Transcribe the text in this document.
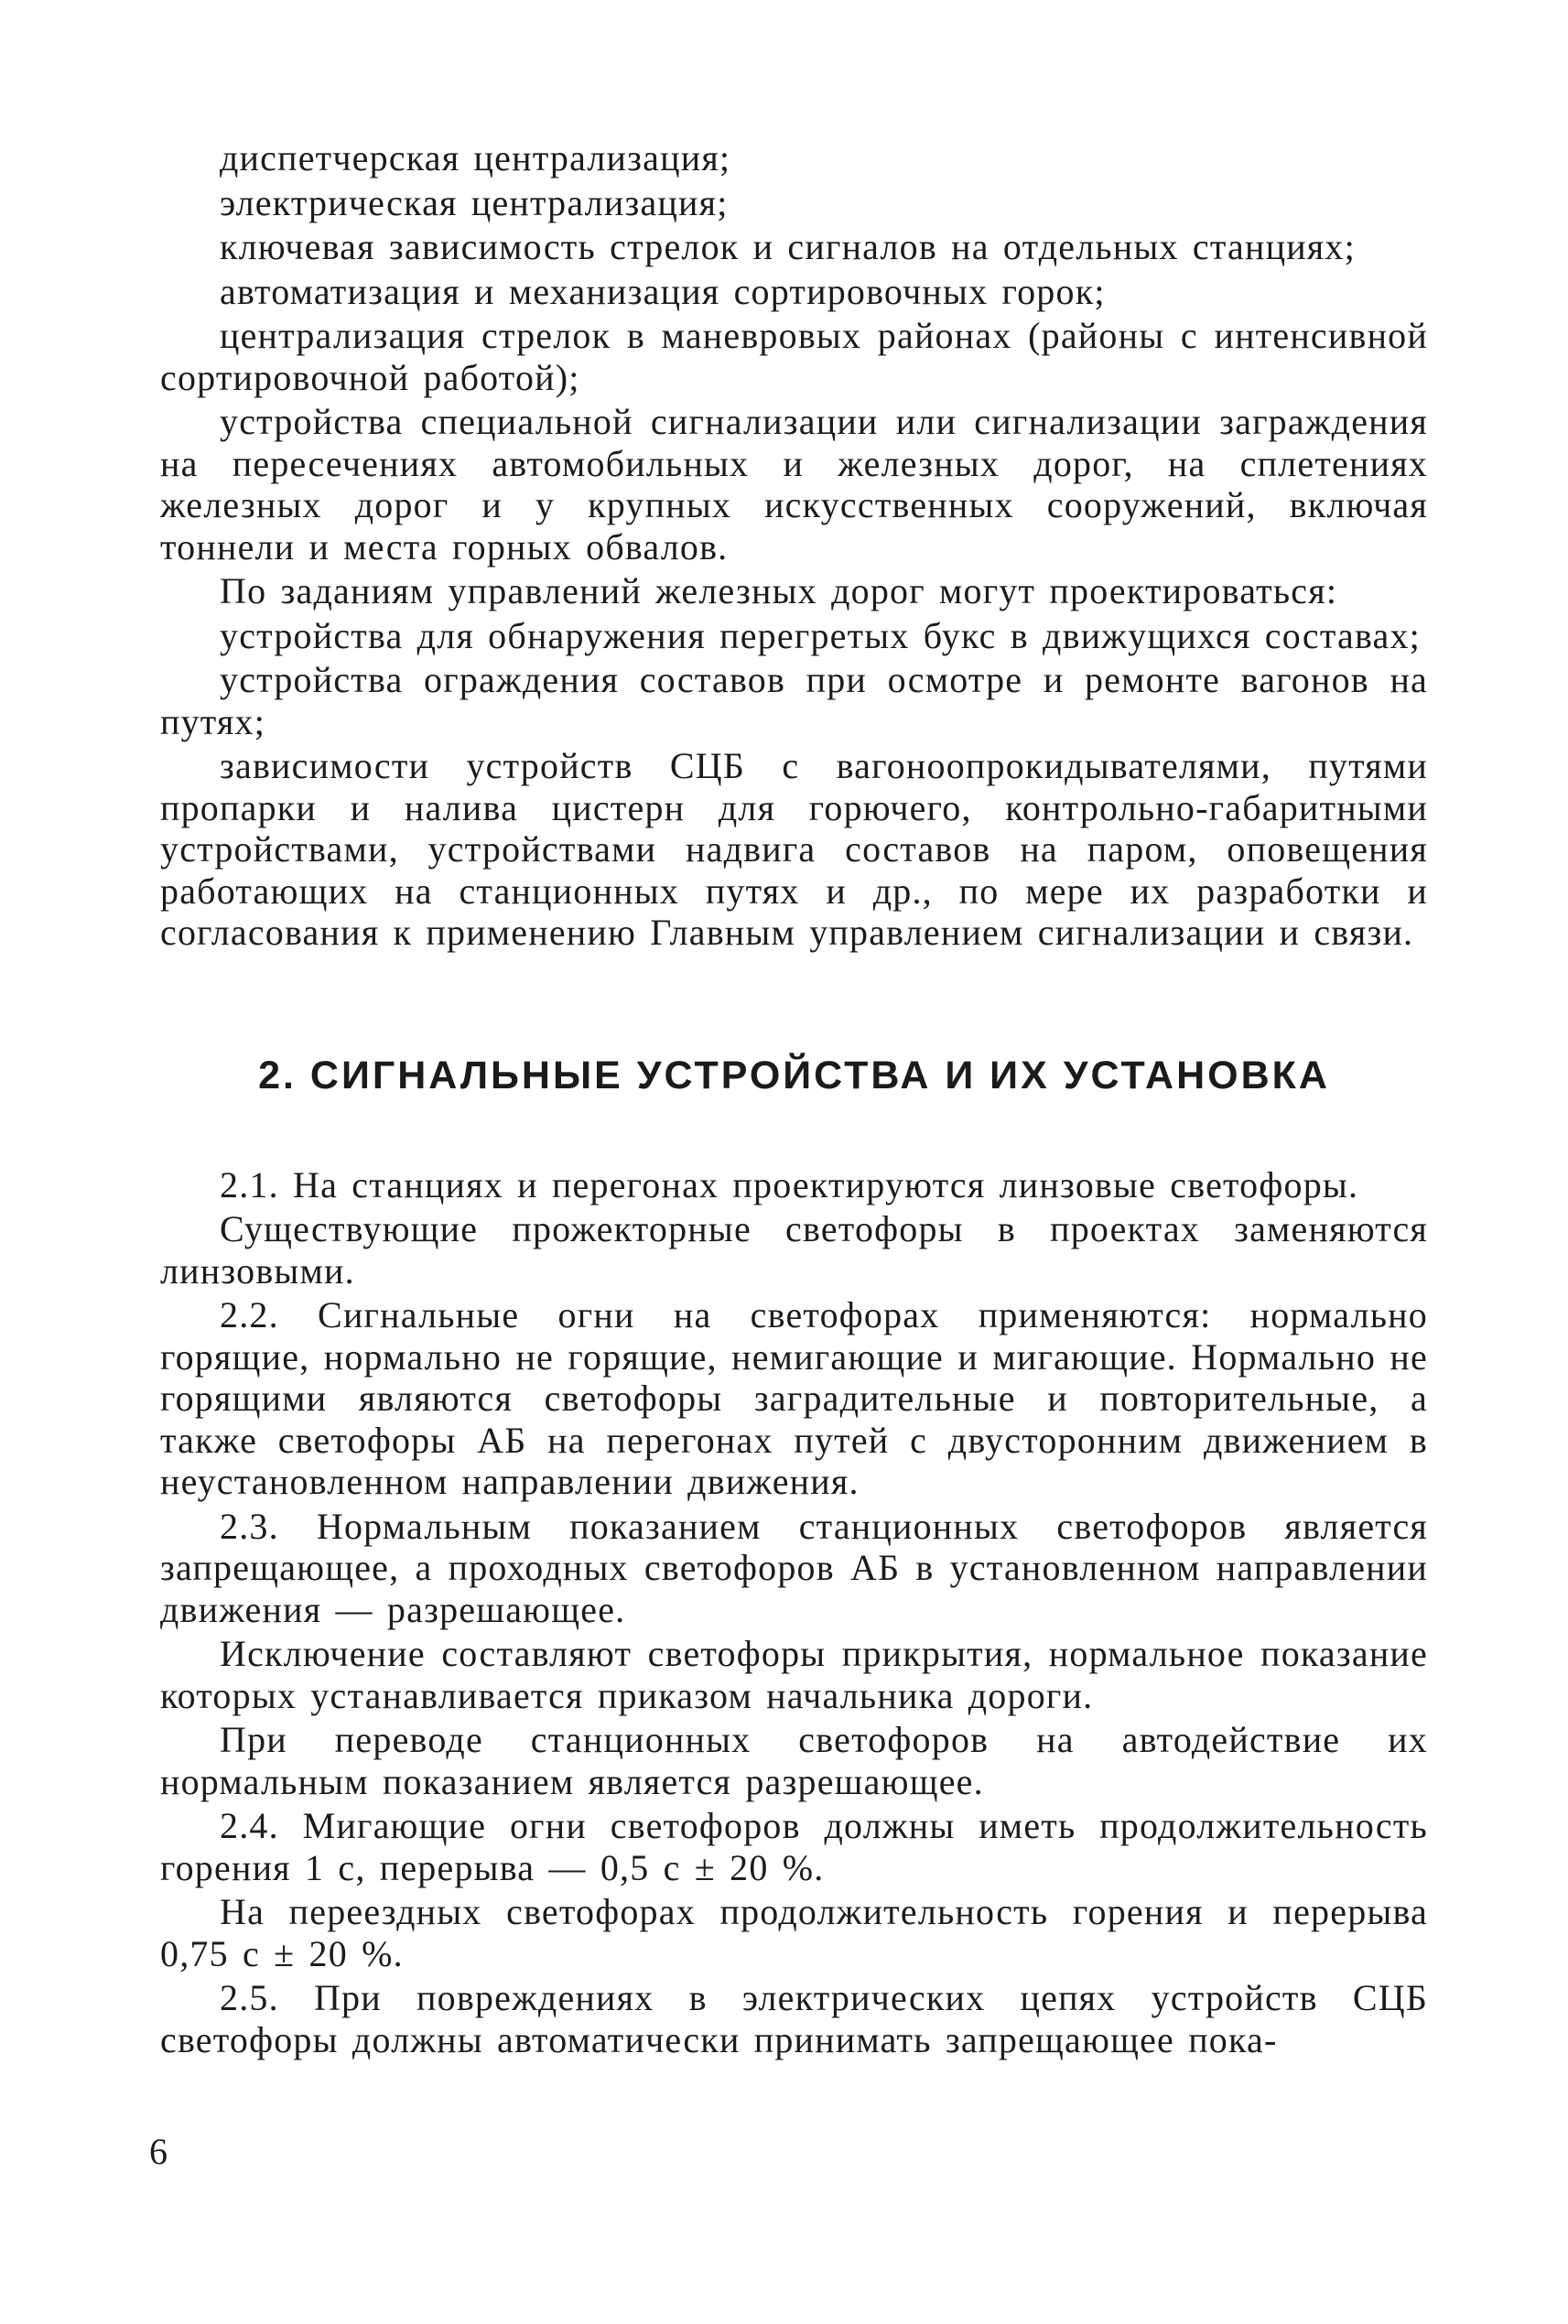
диспетчерская централизация;

электрическая централизация;

ключевая зависимость стрелок и сигналов на отдельных станциях;

автоматизация и механизация сортировочных горок;

централизация стрелок в маневровых районах (районы с интенсивной сортировочной работой);

устройства специальной сигнализации или сигнализации заграждения на пересечениях автомобильных и железных дорог, на сплетениях железных дорог и у крупных искусственных сооружений, включая тоннели и места горных обвалов.

По заданиям управлений железных дорог могут проектироваться:

устройства для обнаружения перегретых букс в движущихся составах;

устройства ограждения составов при осмотре и ремонте вагонов на путях;

зависимости устройств СЦБ с вагоноопрокидывателями, путями пропарки и налива цистерн для горючего, контрольно-габаритными устройствами, устройствами надвига составов на паром, оповещения работающих на станционных путях и др., по мере их разработки и согласования к применению Главным управлением сигнализации и связи.

2. СИГНАЛЬНЫЕ УСТРОЙСТВА И ИХ УСТАНОВКА

2.1. На станциях и перегонах проектируются линзовые светофоры.

Существующие прожекторные светофоры в проектах заменяются линзовыми.

2.2. Сигнальные огни на светофорах применяются: нормально горящие, нормально не горящие, немигающие и мигающие. Нормально не горящими являются светофоры заградительные и повторительные, а также светофоры АБ на перегонах путей с двусторонним движением в неустановленном направлении движения.

2.3. Нормальным показанием станционных светофоров является запрещающее, а проходных светофоров АБ в установленном направлении движения — разрешающее.

Исключение составляют светофоры прикрытия, нормальное показание которых устанавливается приказом начальника дороги.

При переводе станционных светофоров на автодействие их нормальным показанием является разрешающее.

2.4. Мигающие огни светофоров должны иметь продолжительность горения 1 с, перерыва — 0,5 с ± 20 %.

На переездных светофорах продолжительность горения и перерыва 0,75 с ± 20 %.

2.5. При повреждениях в электрических цепях устройств СЦБ светофоры должны автоматически принимать запрещающее пока-

6
